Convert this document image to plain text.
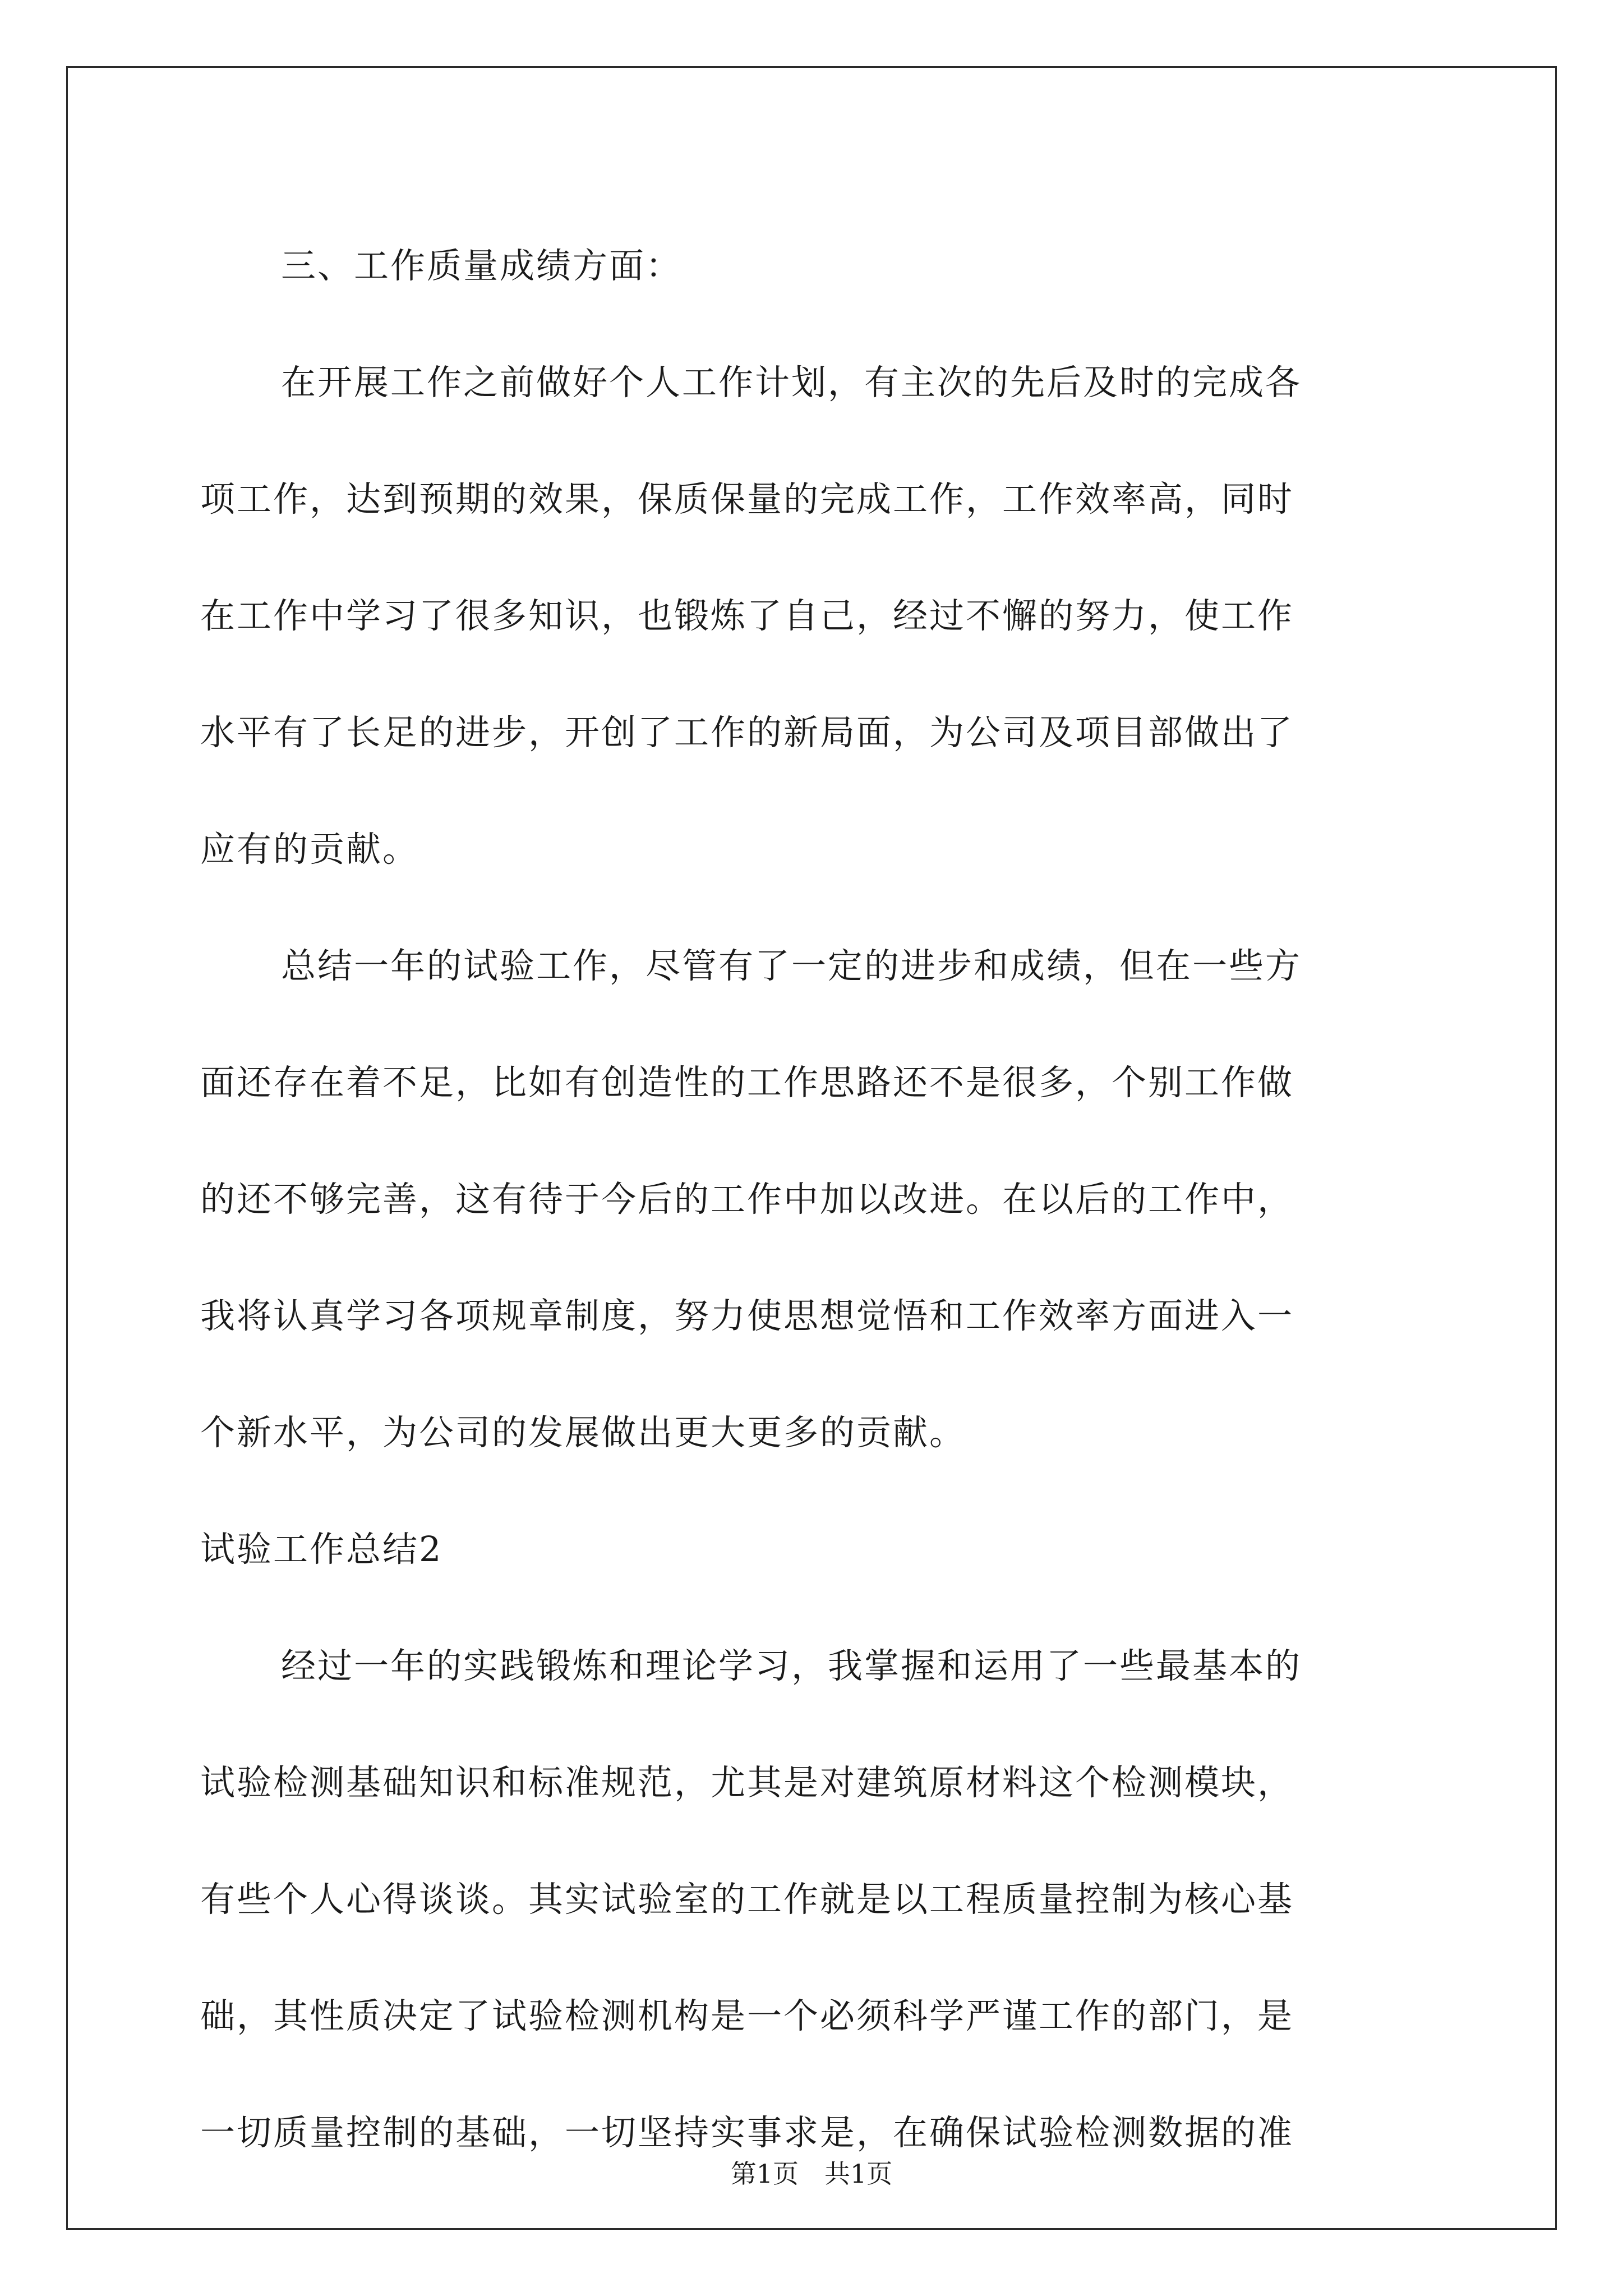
三、工作质量成绩方面：
在开展工作之前做好个人工作计划，有主次的先后及时的完成各
项工作，达到预期的效果，保质保量的完成工作，工作效率高，同时
在工作中学习了很多知识，也锻炼了自己，经过不懈的努力，使工作
水平有了长足的进步，开创了工作的新局面，为公司及项目部做出了
应有的贡献。
总结一年的试验工作，尽管有了一定的进步和成绩，但在一些方
面还存在着不足，比如有创造性的工作思路还不是很多，个别工作做
的还不够完善，这有待于今后的工作中加以改进。在以后的工作中，
我将认真学习各项规章制度，努力使思想觉悟和工作效率方面进入一
个新水平，为公司的发展做出更大更多的贡献。
试验工作总结2
经过一年的实践锻炼和理论学习，我掌握和运用了一些最基本的
试验检测基础知识和标准规范，尤其是对建筑原材料这个检测模块，
有些个人心得谈谈。其实试验室的工作就是以工程质量控制为核心基
础，其性质决定了试验检测机构是一个必须科学严谨工作的部门，是
一切质量控制的基础，一切坚持实事求是，在确保试验检测数据的准
第1页 共1页
